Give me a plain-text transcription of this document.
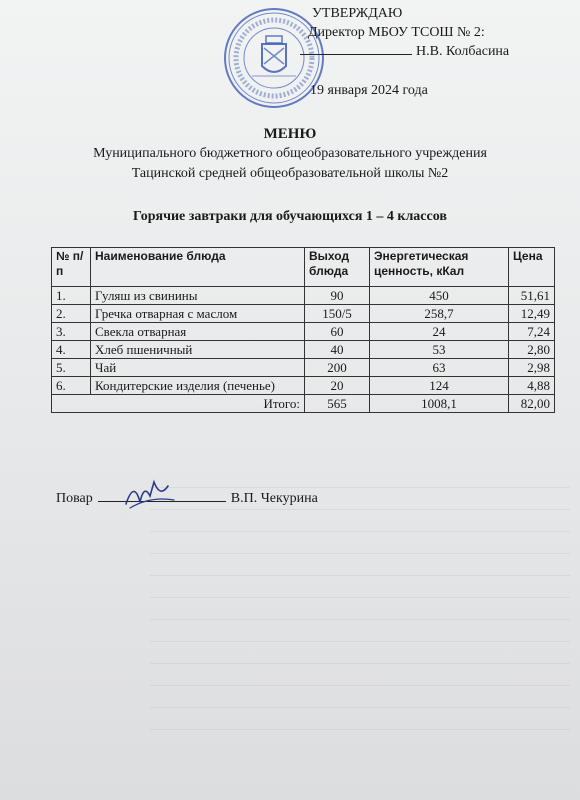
УТВЕРЖДАЮ
Директор МБОУ ТСОШ № 2:
Н.В. Колбасина
19 января 2024 года
МЕНЮ
Муниципального бюджетного общеобразовательного учреждения
Тацинской средней общеобразовательной школы №2
Горячие завтраки для обучающихся 1 – 4 классов
№ п/п	Наименование блюда	Выход блюда	Энергетическая ценность, кКал	Цена
1.	Гуляш из свинины	90	450	51,61
2.	Гречка отварная с маслом	150/5	258,7	12,49
3.	Свекла отварная	60	24	7,24
4.	Хлеб пшеничный	40	53	2,80
5.	Чай	200	63	2,98
6.	Кондитерские изделия (печенье)	20	124	4,88
Итого:		565	1008,1	82,00
Повар	В.П. Чекурина
